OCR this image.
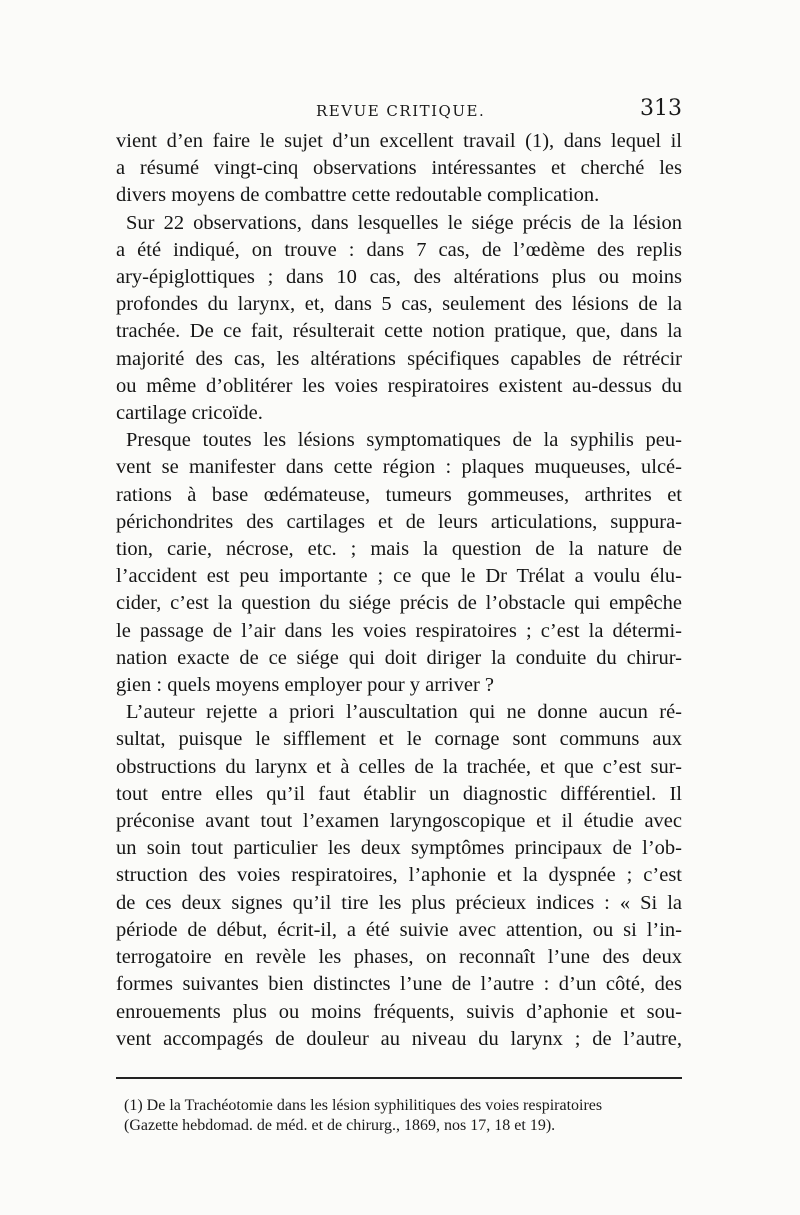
REVUE CRITIQUE.	313
vient d’en faire le sujet d’un excellent travail (1), dans lequel il
a résumé vingt-cinq observations intéressantes et cherché les
divers moyens de combattre cette redoutable complication.
Sur 22 observations, dans lesquelles le siége précis de la lésion
a été indiqué, on trouve : dans 7 cas, de l’œdème des replis
ary-épiglottiques ; dans 10 cas, des altérations plus ou moins
profondes du larynx, et, dans 5 cas, seulement des lésions de la
trachée. De ce fait, résulterait cette notion pratique, que, dans la
majorité des cas, les altérations spécifiques capables de rétrécir
ou même d’oblitérer les voies respiratoires existent au-dessus du
cartilage cricoïde.
Presque toutes les lésions symptomatiques de la syphilis peu-
vent se manifester dans cette région : plaques muqueuses, ulcé-
rations à base œdémateuse, tumeurs gommeuses, arthrites et
périchondrites des cartilages et de leurs articulations, suppura-
tion, carie, nécrose, etc. ; mais la question de la nature de
l’accident est peu importante ; ce que le Dr Trélat a voulu élu-
cider, c’est la question du siége précis de l’obstacle qui empêche
le passage de l’air dans les voies respiratoires ; c’est la détermi-
nation exacte de ce siége qui doit diriger la conduite du chirur-
gien : quels moyens employer pour y arriver ?
L’auteur rejette a priori l’auscultation qui ne donne aucun ré-
sultat, puisque le sifflement et le cornage sont communs aux
obstructions du larynx et à celles de la trachée, et que c’est sur-
tout entre elles qu’il faut établir un diagnostic différentiel. Il
préconise avant tout l’examen laryngoscopique et il étudie avec
un soin tout particulier les deux symptômes principaux de l’ob-
struction des voies respiratoires, l’aphonie et la dyspnée ; c’est
de ces deux signes qu’il tire les plus précieux indices : « Si la
période de début, écrit-il, a été suivie avec attention, ou si l’in-
terrogatoire en revèle les phases, on reconnaît l’une des deux
formes suivantes bien distinctes l’une de l’autre : d’un côté, des
enrouements plus ou moins fréquents, suivis d’aphonie et sou-
vent accompagés de douleur au niveau du larynx ; de l’autre,
(1) De la Trachéotomie dans les lésion syphilitiques des voies respiratoires
(Gazette hebdomad. de méd. et de chirurg., 1869, nos 17, 18 et 19).
